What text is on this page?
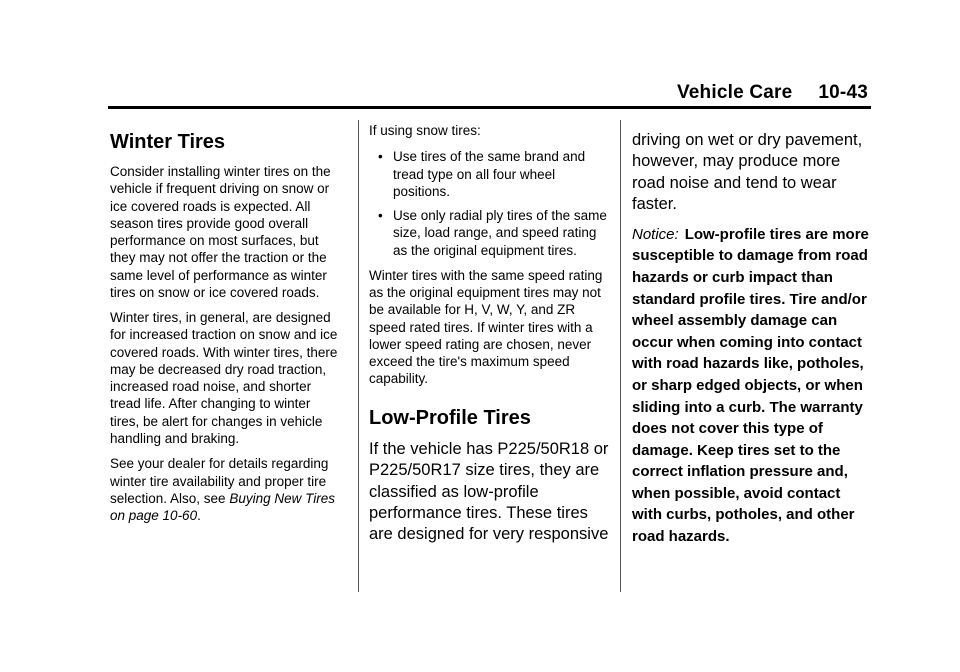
Vehicle Care 10-43
Winter Tires

Consider installing winter tires on the vehicle if frequent driving on snow or ice covered roads is expected. All season tires provide good overall performance on most surfaces, but they may not offer the traction or the same level of performance as winter tires on snow or ice covered roads.

Winter tires, in general, are designed for increased traction on snow and ice covered roads. With winter tires, there may be decreased dry road traction, increased road noise, and shorter tread life. After changing to winter tires, be alert for changes in vehicle handling and braking.

See your dealer for details regarding winter tire availability and proper tire selection. Also, see Buying New Tires on page 10-60.

If using snow tires:

• Use tires of the same brand and tread type on all four wheel positions.
• Use only radial ply tires of the same size, load range, and speed rating as the original equipment tires.

Winter tires with the same speed rating as the original equipment tires may not be available for H, V, W, Y, and ZR speed rated tires. If winter tires with a lower speed rating are chosen, never exceed the tire's maximum speed capability.

Low-Profile Tires

If the vehicle has P225/50R18 or P225/50R17 size tires, they are classified as low-profile performance tires. These tires are designed for very responsive

driving on wet or dry pavement, however, may produce more road noise and tend to wear faster.

Notice: Low-profile tires are more susceptible to damage from road hazards or curb impact than standard profile tires. Tire and/or wheel assembly damage can occur when coming into contact with road hazards like, potholes, or sharp edged objects, or when sliding into a curb. The warranty does not cover this type of damage. Keep tires set to the correct inflation pressure and, when possible, avoid contact with curbs, potholes, and other road hazards.
